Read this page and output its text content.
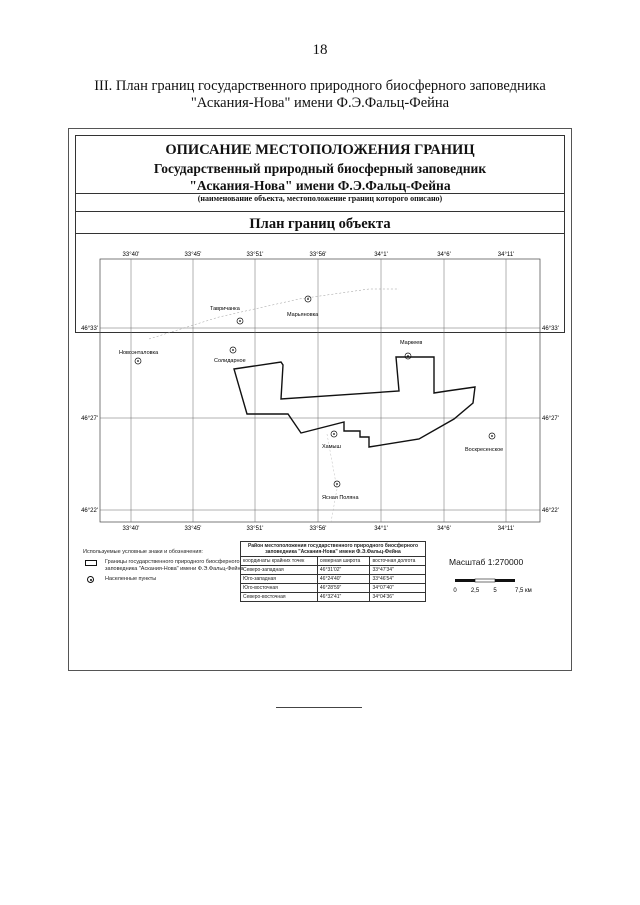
18
III. План границ государственного природного биосферного заповедника
"Аскания-Нова" имени Ф.Э.Фальц-Фейна
ОПИСАНИЕ МЕСТОПОЛОЖЕНИЯ ГРАНИЦ
Государственный природный биосферный заповедник
"Аскания-Нова" имени Ф.Э.Фальц-Фейна
(наименование объекта, местоположение границ которого описано)
План границ объекта
33°40'	33°45'	33°51'	33°56'	34°1'	34°6'	34°11'
33°40'	33°45'	33°51'	33°56'	34°1'	34°6'	34°11'
46°33'
46°27'
46°22'
46°33'
46°27'
46°22'
Тавричанка
Марьяновка
Новоэнталовка
Солидарное
Маркеев
Воскресенское
Хамыш
Ясная Поляна
0 2,5 5	7,5 км
Используемые условные знаки и обозначения:
Границы государственного природного биосферного заповедника "Аскания-Нова" имени Ф.Э.Фальц-Фейна
Населенные пункты
Район местоположения государственного природного биосферного заповедника "Аскания-Нова" имени Ф.Э.Фальц-Фейна
координаты крайних точек	северная широта	восточная долгота
Северо-западная	46°31'02"	33°47'34"
Юго-западная	46°24'40"	33°46'54"
Юго-восточная	46°28'59"	34°07'40"
Северо-восточная	46°32'41"	34°04'36"
Масштаб 1:270000
